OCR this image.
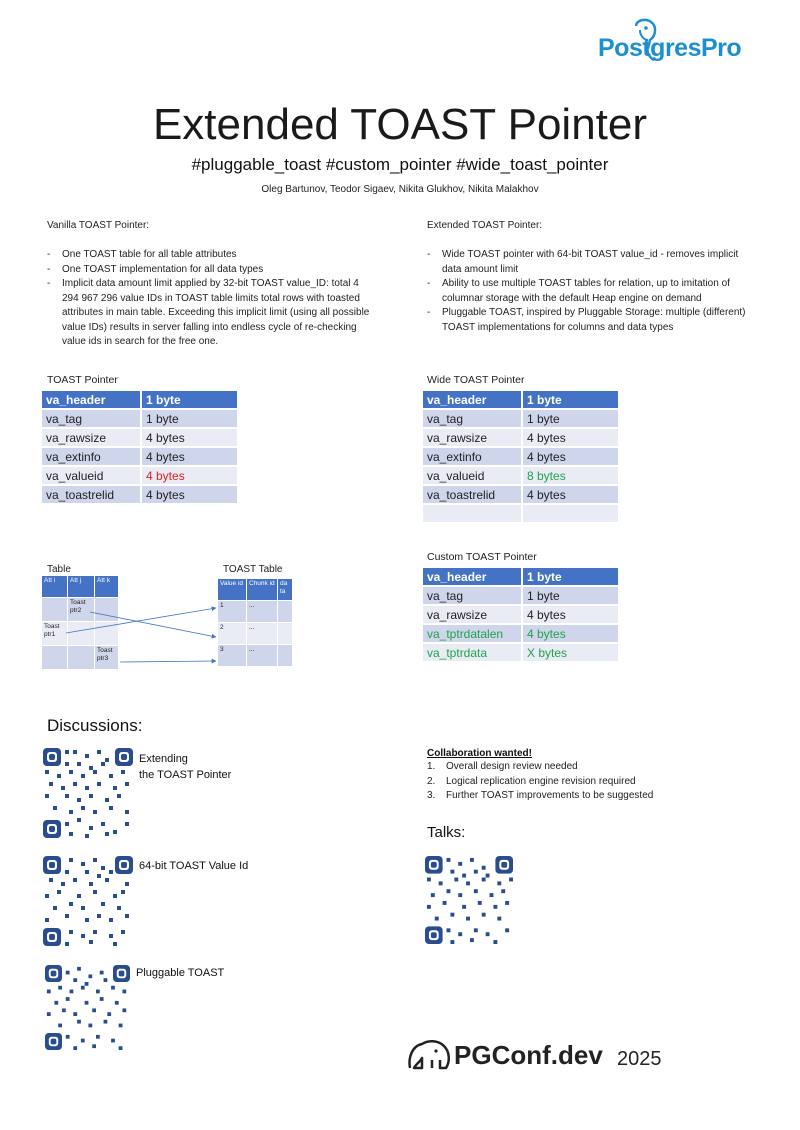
PostgresPro
Extended TOAST Pointer
#pluggable_toast #custom_pointer #wide_toast_pointer
Oleg Bartunov, Teodor Sigaev, Nikita Glukhov, Nikita Malakhov
Vanilla TOAST Pointer:
- One TOAST table for all table attributes
- One TOAST implementation for all data types
- Implicit data amount limit applied by 32-bit TOAST value_ID: total 4 294 967 296 value IDs in TOAST table limits total rows with toasted attributes in main table. Exceeding this implicit limit (using all possible value IDs) results in server falling into endless cycle of re-checking value ids in search for the free one.
Extended TOAST Pointer:
- Wide TOAST pointer with 64-bit TOAST value_id - removes implicit data amount limit
- Ability to use multiple TOAST tables for relation, up to imitation of columnar storage with the default Heap engine on demand
- Pluggable TOAST, inspired by Pluggable Storage: multiple (different) TOAST implementations for columns and data types
TOAST Pointer
va_header	1 byte
va_tag	1 byte
va_rawsize	4 bytes
va_extinfo	4 bytes
va_valueid	4 bytes
va_toastrelid	4 bytes
Wide TOAST Pointer
va_header	1 byte
va_tag	1 byte
va_rawsize	4 bytes
va_extinfo	4 bytes
va_valueid	8 bytes
va_toastrelid	4 bytes

Custom TOAST Pointer
va_header	1 byte
va_tag	1 byte
va_rawsize	4 bytes
va_tptrdatalen	4 bytes
va_tptrdata	X bytes
Table
Att i	Att j	Att k
	Toast ptr2	
Toast ptr1		
		Toast ptr3
TOAST Table
Value id	Chunk id	da ta
1	...	
2	...	
3	...	
Discussions:
Extending
the TOAST Pointer
64-bit TOAST Value Id
Pluggable TOAST
Collaboration wanted!
1. Overall design review needed
2. Logical replication engine revision required
3. Further TOAST improvements to be suggested
Talks:
PGConf.dev 2025
